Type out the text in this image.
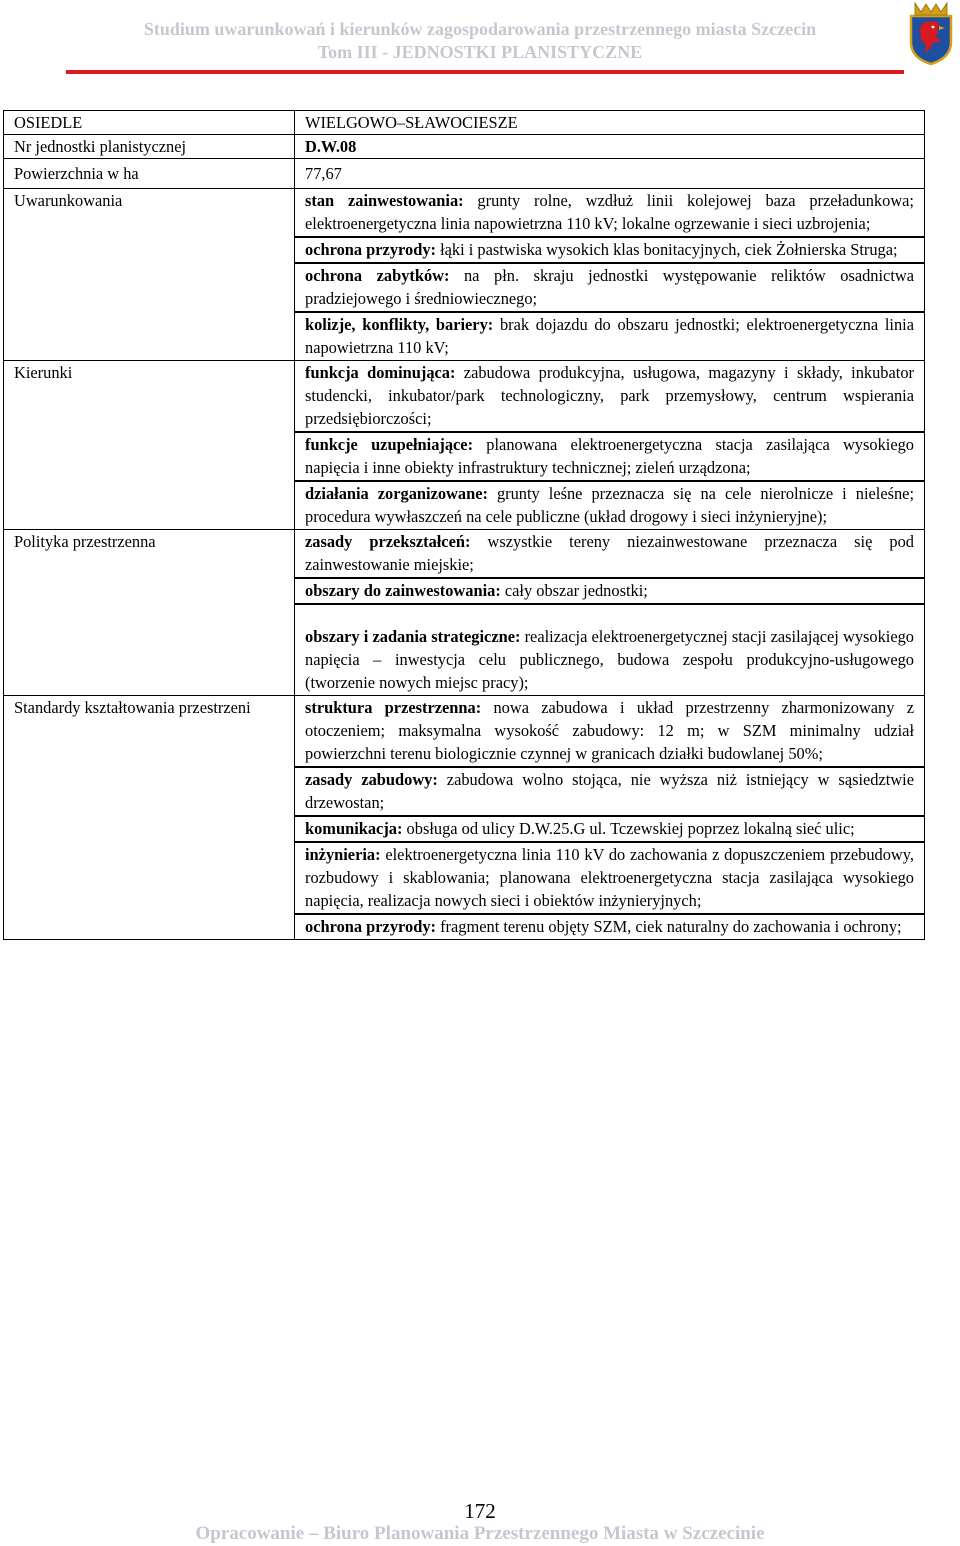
Studium uwarunkowań i kierunków zagospodarowania przestrzennego miasta Szczecin
Tom III - JEDNOSTKI PLANISTYCZNE
OSIEDLE	WIELGOWO–SŁAWOCIESZE
Nr jednostki planistycznej	D.W.08
Powierzchnia w ha	77,67
Uwarunkowania	stan zainwestowania: grunty rolne, wzdłuż linii kolejowej baza przeładunkowa; elektroenergetyczna linia napowietrzna 110 kV; lokalne ogrzewanie i sieci uzbrojenia;
ochrona przyrody: łąki i pastwiska wysokich klas bonitacyjnych, ciek Żołnierska Struga;
ochrona zabytków: na płn. skraju jednostki występowanie reliktów osadnictwa pradziejowego i średniowiecznego;
kolizje, konflikty, bariery: brak dojazdu do obszaru jednostki; elektroenergetyczna linia napowietrzna 110 kV;

Kierunki	funkcja dominująca: zabudowa produkcyjna, usługowa, magazyny i składy, inkubator studencki, inkubator/park technologiczny, park przemysłowy, centrum wspierania przedsiębiorczości;
funkcje uzupełniające: planowana elektroenergetyczna stacja zasilająca wysokiego napięcia i inne obiekty infrastruktury technicznej; zieleń urządzona;
działania zorganizowane: grunty leśne przeznacza się na cele nierolnicze i nieleśne; procedura wywłaszczeń na cele publiczne (układ drogowy i sieci inżynieryjne);

Polityka przestrzenna	zasady przekształceń: wszystkie tereny niezainwestowane przeznacza się pod zainwestowanie miejskie;
obszary do zainwestowania: cały obszar jednostki;
obszary i zadania strategiczne: realizacja elektroenergetycznej stacji zasilającej wysokiego napięcia – inwestycja celu publicznego, budowa zespołu produkcyjno-usługowego (tworzenie nowych miejsc pracy);

Standardy kształtowania przestrzeni	struktura przestrzenna: nowa zabudowa i układ przestrzenny zharmonizowany z otoczeniem; maksymalna wysokość zabudowy: 12 m; w SZM minimalny udział powierzchni terenu biologicznie czynnej w granicach działki budowlanej 50%;
zasady zabudowy: zabudowa wolno stojąca, nie wyższa niż istniejący w sąsiedztwie drzewostan;
komunikacja: obsługa od ulicy D.W.25.G ul. Tczewskiej poprzez lokalną sieć ulic;
inżynieria: elektroenergetyczna linia 110 kV do zachowania z dopuszczeniem przebudowy, rozbudowy i skablowania; planowana elektroenergetyczna stacja zasilająca wysokiego napięcia, realizacja nowych sieci i obiektów inżynieryjnych;
ochrona przyrody: fragment terenu objęty SZM, ciek naturalny do zachowania i ochrony;
172
Opracowanie – Biuro Planowania Przestrzennego Miasta w Szczecinie
